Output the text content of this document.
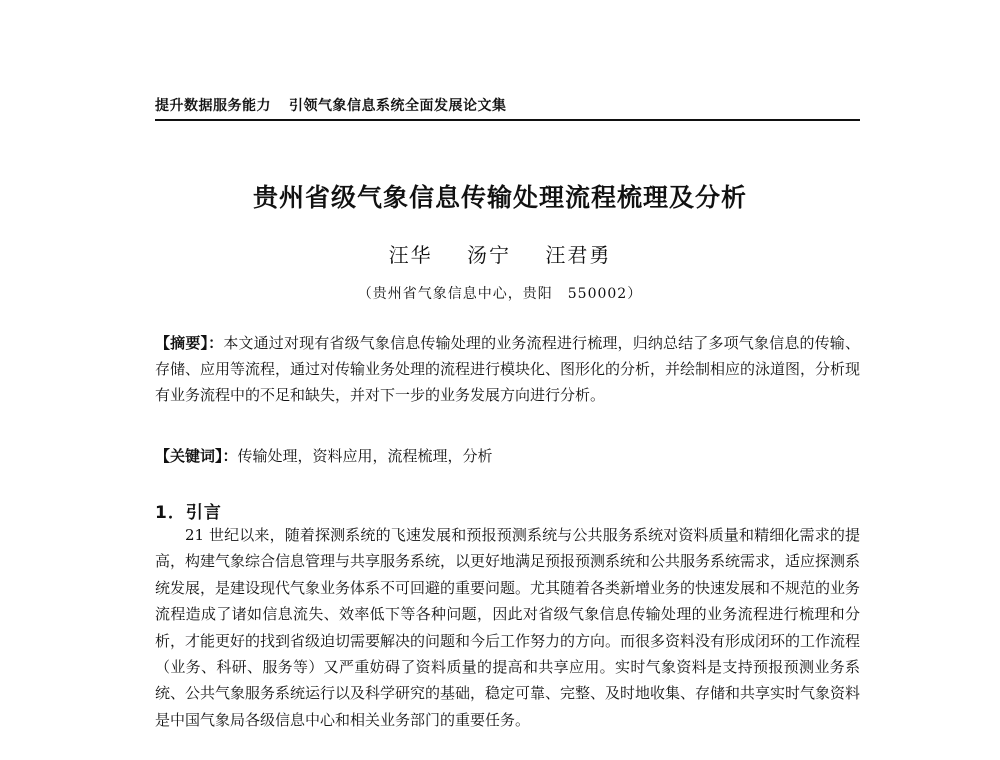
提升数据服务能力 引领气象信息系统全面发展论文集
贵州省级气象信息传输处理流程梳理及分析
汪华 汤宁 汪君勇
（贵州省气象信息中心，贵阳　550002）
【摘要】：本文通过对现有省级气象信息传输处理的业务流程进行梳理，归纳总结了多项气象信息的传输、存储、应用等流程，通过对传输业务处理的流程进行模块化、图形化的分析，并绘制相应的泳道图，分析现有业务流程中的不足和缺失，并对下一步的业务发展方向进行分析。
【关键词】：传输处理，资料应用，流程梳理，分析
1．引言
21 世纪以来，随着探测系统的飞速发展和预报预测系统与公共服务系统对资料质量和精细化需求的提高，构建气象综合信息管理与共享服务系统，以更好地满足预报预测系统和公共服务系统需求，适应探测系统发展，是建设现代气象业务体系不可回避的重要问题。尤其随着各类新增业务的快速发展和不规范的业务流程造成了诸如信息流失、效率低下等各种问题，因此对省级气象信息传输处理的业务流程进行梳理和分析，才能更好的找到省级迫切需要解决的问题和今后工作努力的方向。而很多资料没有形成闭环的工作流程（业务、科研、服务等）又严重妨碍了资料质量的提高和共享应用。实时气象资料是支持预报预测业务系统、公共气象服务系统运行以及科学研究的基础，稳定可靠、完整、及时地收集、存储和共享实时气象资料是中国气象局各级信息中心和相关业务部门的重要任务。
